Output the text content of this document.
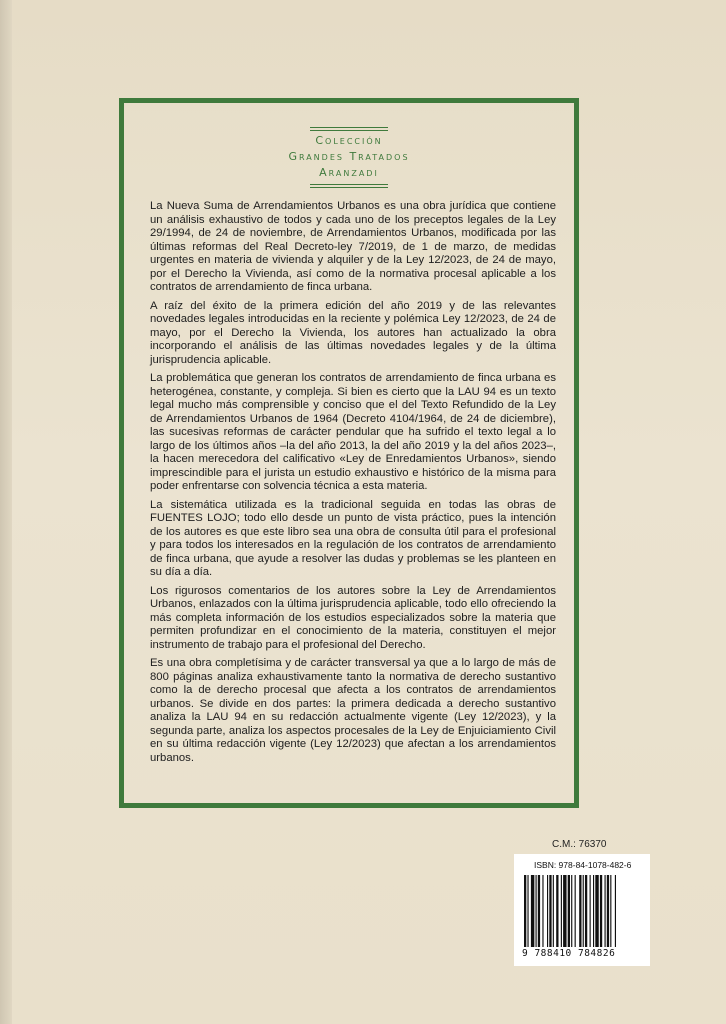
Colección
Grandes Tratados
Aranzadi

La Nueva Suma de Arrendamientos Urbanos es una obra jurídica que contiene un análisis exhaustivo de todos y cada uno de los preceptos legales de la Ley 29/1994, de 24 de noviembre, de Arrendamientos Urbanos, modificada por las últimas reformas del Real Decreto-ley 7/2019, de 1 de marzo, de medidas urgentes en materia de vivienda y alquiler y de la Ley 12/2023, de 24 de mayo, por el Derecho la Vivienda, así como de la normativa procesal aplicable a los contratos de arrendamiento de finca urbana.

A raíz del éxito de la primera edición del año 2019 y de las relevantes novedades legales introducidas en la reciente y polémica Ley 12/2023, de 24 de mayo, por el Derecho la Vivienda, los autores han actualizado la obra incorporando el análisis de las últimas novedades legales y de la última jurisprudencia aplicable.

La problemática que generan los contratos de arrendamiento de finca urbana es heterogénea, constante, y compleja. Si bien es cierto que la LAU 94 es un texto legal mucho más comprensible y conciso que el del Texto Refundido de la Ley de Arrendamientos Urbanos de 1964 (Decreto 4104/1964, de 24 de diciembre), las sucesivas reformas de carácter pendular que ha sufrido el texto legal a lo largo de los últimos años –la del año 2013, la del año 2019 y la del años 2023–, la hacen merecedora del calificativo «Ley de Enredamientos Urbanos», siendo imprescindible para el jurista un estudio exhaustivo e histórico de la misma para poder enfrentarse con solvencia técnica a esta materia.

La sistemática utilizada es la tradicional seguida en todas las obras de FUENTES LOJO; todo ello desde un punto de vista práctico, pues la intención de los autores es que este libro sea una obra de consulta útil para el profesional y para todos los interesados en la regulación de los contratos de arrendamiento de finca urbana, que ayude a resolver las dudas y problemas se les planteen en su día a día.

Los rigurosos comentarios de los autores sobre la Ley de Arrendamientos Urbanos, enlazados con la última jurisprudencia aplicable, todo ello ofreciendo la más completa información de los estudios especializados sobre la materia que permiten profundizar en el conocimiento de la materia, constituyen el mejor instrumento de trabajo para el profesional del Derecho.

Es una obra completísima y de carácter transversal ya que a lo largo de más de 800 páginas analiza exhaustivamente tanto la normativa de derecho sustantivo como la de derecho procesal que afecta a los contratos de arrendamientos urbanos. Se divide en dos partes: la primera dedicada a derecho sustantivo analiza la LAU 94 en su redacción actualmente vigente (Ley 12/2023), y la segunda parte, analiza los aspectos procesales de la Ley de Enjuiciamiento Civil en su última redacción vigente (Ley 12/2023) que afectan a los arrendamientos urbanos.

C.M.: 76370
ISBN: 978-84-1078-482-6
9 788410 784826
